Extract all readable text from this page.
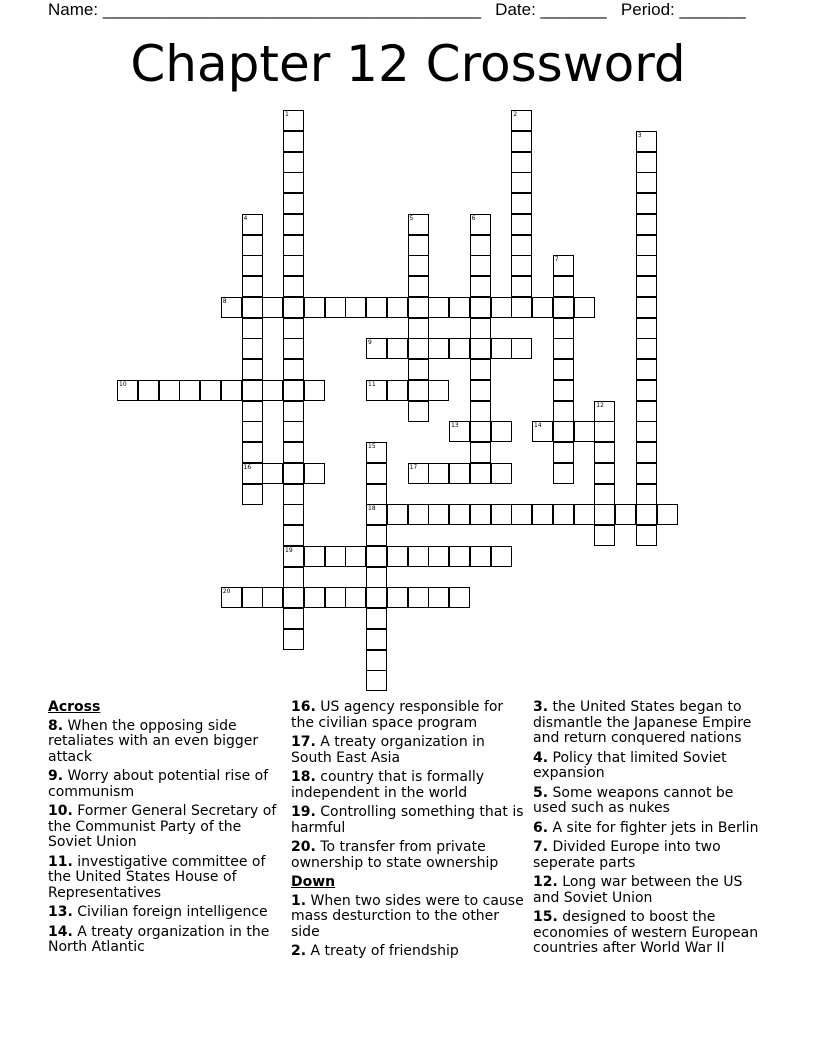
Name: ________________________________________ Date: _______ Period: _______
Chapter 12 Crossword
1
19
2
3
4
16
5	6
7
8
9
10	11
12
13	14
15
18
17
20
Across
8. When the opposing side retaliates with an even bigger attack
9. Worry about potential rise of communism
10. Former General Secretary of the Communist Party of the Soviet Union
11. investigative committee of the United States House of Representatives
13. Civilian foreign intelligence
14. A treaty organization in the North Atlantic
16. US agency responsible for the civilian space program
17. A treaty organization in South East Asia
18. country that is formally independent in the world
19. Controlling something that is harmful
20. To transfer from private ownership to state ownership
Down
1. When two sides were to cause mass desturction to the other side
2. A treaty of friendship
3. the United States began to dismantle the Japanese Empire and return conquered nations
4. Policy that limited Soviet expansion
5. Some weapons cannot be used such as nukes
6. A site for fighter jets in Berlin
7. Divided Europe into two seperate parts
12. Long war between the US and Soviet Union
15. designed to boost the economies of western European countries after World War II
